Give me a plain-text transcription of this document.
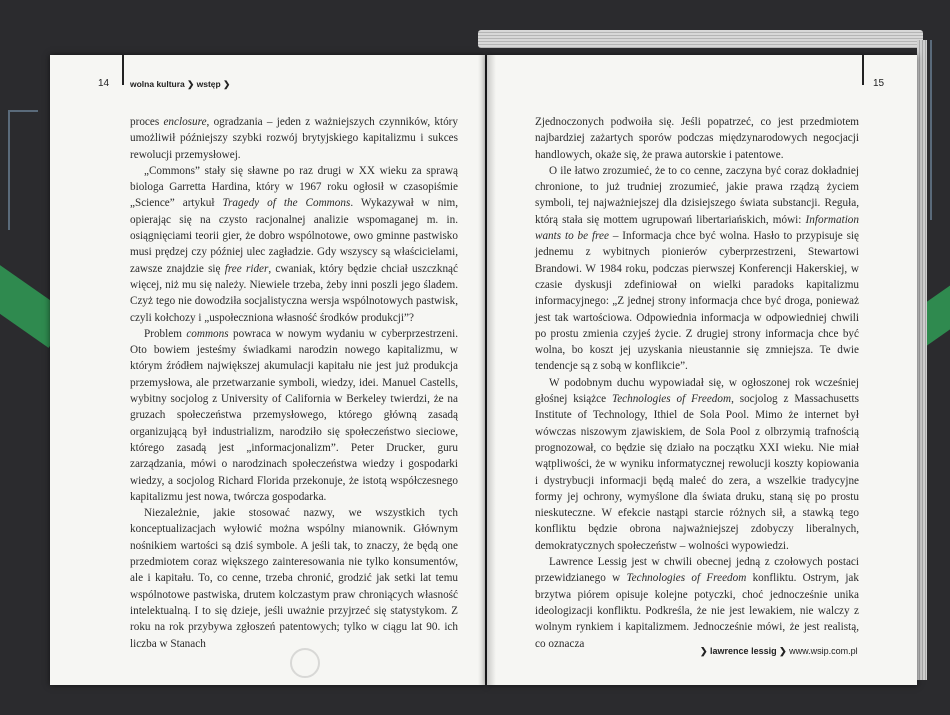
14 wolna kultura ❯ wstęp ❯	15

proces enclosure, ogradzania – jeden z ważniejszych czynników, który umożliwił późniejszy szybki rozwój brytyjskiego kapitalizmu i sukces rewolucji przemysłowej.

„Commons” stały się sławne po raz drugi w XX wieku za sprawą biologa Garretta Hardina, który w 1967 roku ogłosił w czasopiśmie „Science” artykuł Tragedy of the Commons. Wykazywał w nim, opierając się na czysto racjonalnej analizie wspomaganej m. in. osiągnięciami teorii gier, że dobro wspólnotowe, owo gminne pastwisko musi prędzej czy później ulec zagładzie. Gdy wszyscy są właścicielami, zawsze znajdzie się free rider, cwaniak, który będzie chciał uszczknąć więcej, niż mu się należy. Niewiele trzeba, żeby inni poszli jego śladem. Czyż tego nie dowodziła socjalistyczna wersja wspólnotowych pastwisk, czyli kołchozy i „uspołeczniona własność środków produkcji”?

Problem commons powraca w nowym wydaniu w cyberprzestrzeni. Oto bowiem jesteśmy świadkami narodzin nowego kapitalizmu, w którym źródłem największej akumulacji kapitału nie jest już produkcja przemysłowa, ale przetwarzanie symboli, wiedzy, idei. Manuel Castells, wybitny socjolog z University of California w Berkeley twierdzi, że na gruzach społeczeństwa przemysłowego, którego główną zasadą organizującą był industrializm, narodziło się społeczeństwo sieciowe, którego zasadą jest „informacjonalizm”. Peter Drucker, guru zarządzania, mówi o narodzinach społeczeństwa wiedzy i gospodarki wiedzy, a socjolog Richard Florida przekonuje, że istotą współczesnego kapitalizmu jest nowa, twórcza gospodarka.

Niezależnie, jakie stosować nazwy, we wszystkich tych konceptualizacjach wyłowić można wspólny mianownik. Głównym nośnikiem wartości są dziś symbole. A jeśli tak, to znaczy, że będą one przedmiotem coraz większego zainteresowania nie tylko konsumentów, ale i kapitału. To, co cenne, trzeba chronić, grodzić jak setki lat temu wspólnotowe pastwiska, drutem kolczastym praw chroniących własność intelektualną. I to się dzieje, jeśli uważnie przyjrzeć się statystykom. Z roku na rok przybywa zgłoszeń patentowych; tylko w ciągu lat 90. ich liczba w Stanach

Zjednoczonych podwoiła się. Jeśli popatrzeć, co jest przedmiotem najbardziej zażartych sporów podczas międzynarodowych negocjacji handlowych, okaże się, że prawa autorskie i patentowe.

O ile łatwo zrozumieć, że to co cenne, zaczyna być coraz dokładniej chronione, to już trudniej zrozumieć, jakie prawa rządzą życiem symboli, tej najważniejszej dla dzisiejszego świata substancji. Reguła, którą stała się mottem ugrupowań libertariańskich, mówi: Information wants to be free – Informacja chce być wolna. Hasło to przypisuje się jednemu z wybitnych pionierów cyberprzestrzeni, Stewartowi Brandowi. W 1984 roku, podczas pierwszej Konferencji Hakerskiej, w czasie dyskusji zdefiniował on wielki paradoks kapitalizmu informacyjnego: „Z jednej strony informacja chce być droga, ponieważ jest tak wartościowa. Odpowiednia informacja w odpowiedniej chwili po prostu zmienia czyjeś życie. Z drugiej strony informacja chce być wolna, bo koszt jej uzyskania nieustannie się zmniejsza. Te dwie tendencje są z sobą w konflikcie”.

W podobnym duchu wypowiadał się, w ogłoszonej rok wcześniej głośnej książce Technologies of Freedom, socjolog z Massachusetts Institute of Technology, Ithiel de Sola Pool. Mimo że internet był wówczas niszowym zjawiskiem, de Sola Pool z olbrzymią trafnością prognozował, co będzie się działo na początku XXI wieku. Nie miał wątpliwości, że w wyniku informatycznej rewolucji koszty kopiowania i dystrybucji informacji będą maleć do zera, a wszelkie tradycyjne formy jej ochrony, wymyślone dla świata druku, staną się po prostu nieskuteczne. W efekcie nastąpi starcie różnych sił, a stawką tego konfliktu będzie obrona najważniejszej zdobyczy liberalnych, demokratycznych społeczeństw – wolności wypowiedzi.

Lawrence Lessig jest w chwili obecnej jedną z czołowych postaci przewidzianego w Technologies of Freedom konfliktu. Ostrym, jak brzytwa piórem opisuje kolejne potyczki, choć jednocześnie unika ideologizacji konfliktu. Podkreśla, że nie jest lewakiem, nie walczy z wolnym rynkiem i kapitalizmem. Jednocześnie mówi, że jest realistą, co oznacza

❯ lawrence lessig ❯ www.wsip.com.pl
